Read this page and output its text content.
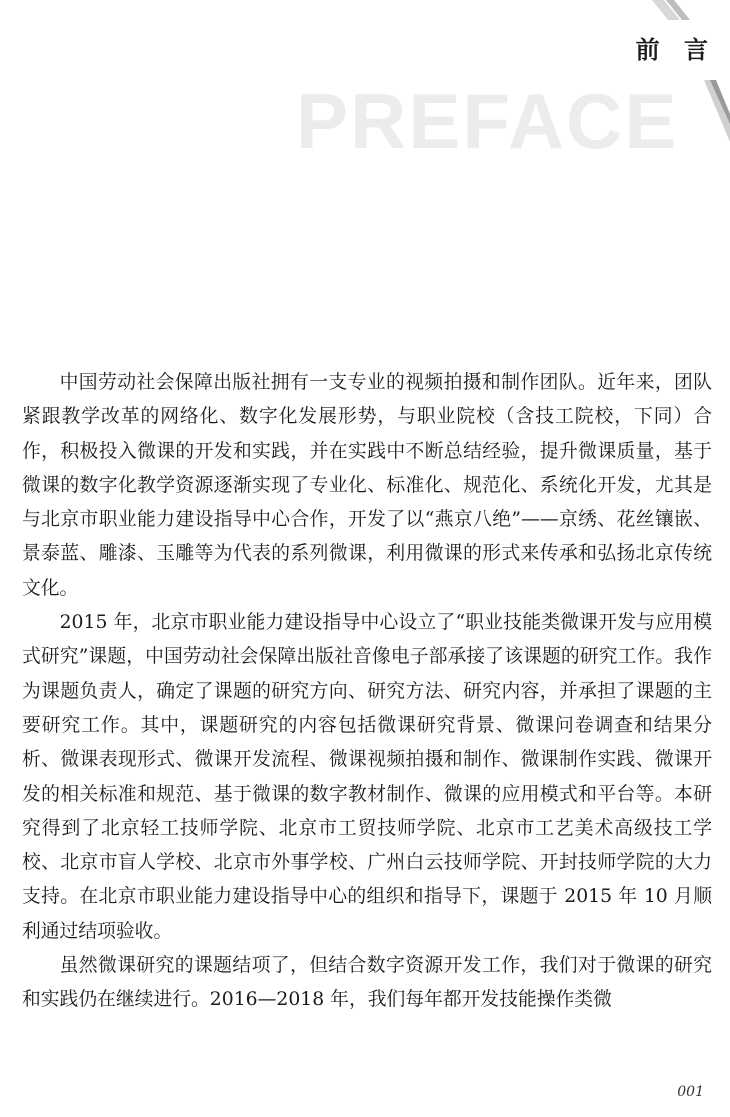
PREFACE
前 言

中国劳动社会保障出版社拥有一支专业的视频拍摄和制作团队。近年来，团队紧跟教学改革的网络化、数字化发展形势，与职业院校（含技工院校，下同）合作，积极投入微课的开发和实践，并在实践中不断总结经验，提升微课质量，基于微课的数字化教学资源逐渐实现了专业化、标准化、规范化、系统化开发，尤其是与北京市职业能力建设指导中心合作，开发了以“燕京八绝”——京绣、花丝镶嵌、景泰蓝、雕漆、玉雕等为代表的系列微课，利用微课的形式来传承和弘扬北京传统文化。

2015 年，北京市职业能力建设指导中心设立了“职业技能类微课开发与应用模式研究”课题，中国劳动社会保障出版社音像电子部承接了该课题的研究工作。我作为课题负责人，确定了课题的研究方向、研究方法、研究内容，并承担了课题的主要研究工作。其中，课题研究的内容包括微课研究背景、微课问卷调查和结果分析、微课表现形式、微课开发流程、微课视频拍摄和制作、微课制作实践、微课开发的相关标准和规范、基于微课的数字教材制作、微课的应用模式和平台等。本研究得到了北京轻工技师学院、北京市工贸技师学院、北京市工艺美术高级技工学校、北京市盲人学校、北京市外事学校、广州白云技师学院、开封技师学院的大力支持。在北京市职业能力建设指导中心的组织和指导下，课题于 2015 年 10 月顺利通过结项验收。

虽然微课研究的课题结项了，但结合数字资源开发工作，我们对于微课的研究和实践仍在继续进行。2016—2018 年，我们每年都开发技能操作类微

001
